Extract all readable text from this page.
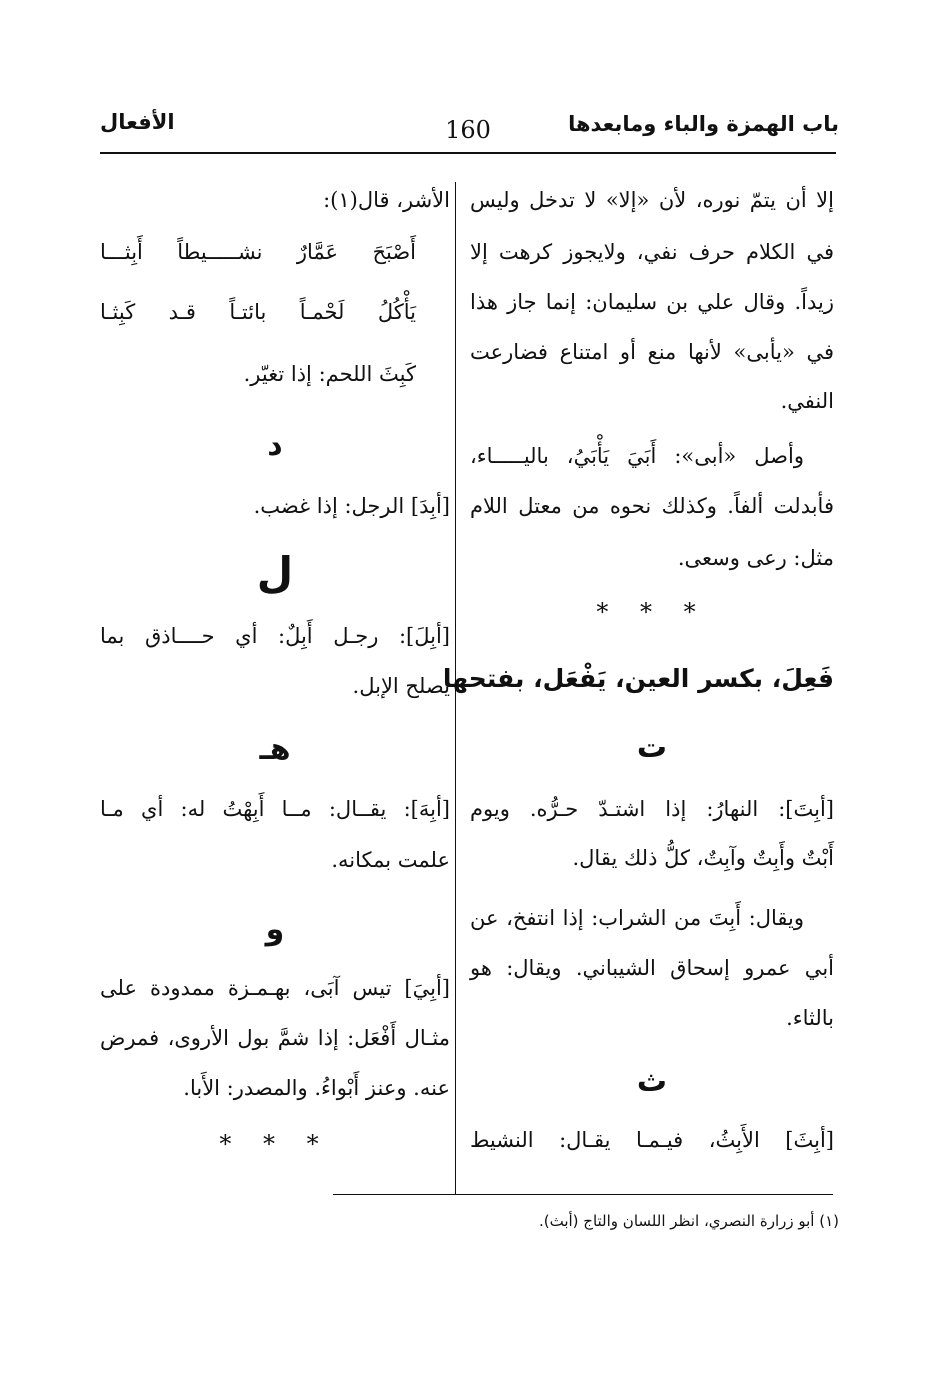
باب الهمزة والباء ومابعدها
160
الأفعال
إلا أن يتمّ نوره، لأن «إلا» لا تدخل وليس
في الكلام حرف نفي، ولايجوز كرهت إلا
زيداً. وقال علي بن سليمان: إنما جاز هذا
في «يأبى» لأنها منع أو امتناع فضارعت
النفي.
وأصل «أبى»: أَبَيَ يَأْبَيُ، باليـــــاء،
فأبدلت ألفاً. وكذلك نحوه من معتل اللام
مثل: رعى وسعى.
* * *
فَعِلَ، بكسر العين، يَفْعَل، بفتحها
ت
[أبِتَ]: النهارُ: إذا اشتـدّ حـرُّه. ويوم
أَبْتٌ وأَبِتٌ وآبِتٌ، كلُّ ذلك يقال.
ويقال: أَبِتَ من الشراب: إذا انتفخ، عن
أبي عمرو إسحاق الشيباني. ويقال: هو
بالثاء.
ث
[أبِثَ] الأَبِثُ، فيـمـا يقـال: النشيط
الأشر، قال(١):
أَصْبَحَ عَمَّارٌ نشـــــيطاً أَبِثـــا
يَأْكُلُ لَحْمـاً بائتـاً قـد كَبِثـا
كَبِثَ اللحم: إذا تغيّر.
د
[أبِدَ] الرجل: إذا غضب.
ل
[أبِلَ]: رجـل أَبِلٌ: أي حــــاذق بما
يصلح الإبل.
هـ
[أبِهَ]: يقــال: مــا أَبِهْتُ له: أي مـا
علمت بمكانه.
و
[أبِيَ] تيس آبَى، بهـمـزة ممدودة على
مثـال أَفْعَل: إذا شمَّ بول الأروى، فمرض
عنه. وعنز أَبْواءُ. والمصدر: الأَبا.
* * *
(١) أبو زرارة النصري، انظر اللسان والتاج (أبث).
